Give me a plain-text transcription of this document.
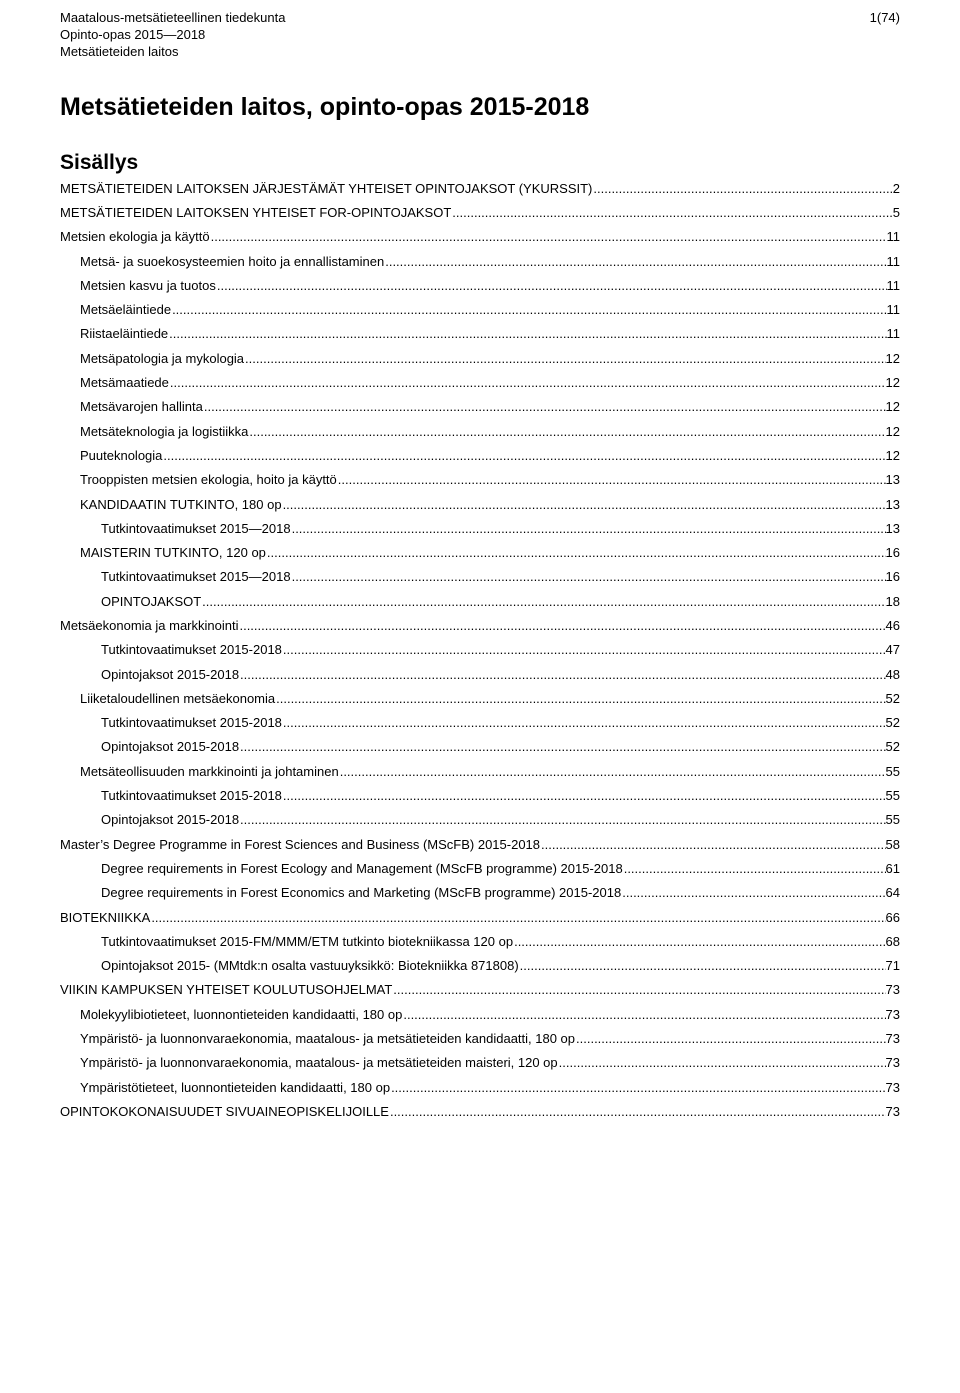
Maatalous-metsätieteellinen tiedekunta
Opinto-opas 2015—2018
Metsätieteiden laitos
1(74)
Metsätieteiden laitos, opinto-opas 2015-2018
Sisällys
METSÄTIETEIDEN LAITOKSEN JÄRJESTÄMÄT YHTEISET OPINTOJAKSOT (YKURSSIT) .....	2
METSÄTIETEIDEN LAITOKSEN YHTEISET FOR-OPINTOJAKSOT .....	5
Metsien ekologia ja käyttö .....	11
Metsä- ja suoekosysteemien hoito ja ennallistaminen .....	11
Metsien kasvu ja tuotos .....	11
Metsäeläintiede .....	11
Riistaeläintiede .....	11
Metsäpatologia ja mykologia .....	12
Metsämaatiede .....	12
Metsävarojen hallinta .....	12
Metsäteknologia ja logistiikka .....	12
Puuteknologia .....	12
Trooppisten metsien ekologia, hoito ja käyttö .....	13
KANDIDAATIN TUTKINTO, 180 op .....	13
Tutkintovaatimukset 2015—2018 .....	13
MAISTERIN TUTKINTO, 120 op .....	16
Tutkintovaatimukset 2015—2018 .....	16
OPINTOJAKSOT .....	18
Metsäekonomia ja markkinointi .....	46
Tutkintovaatimukset 2015-2018 .....	47
Opintojaksot 2015-2018 .....	48
Liiketaloudellinen metsäekonomia .....	52
Tutkintovaatimukset 2015-2018 .....	52
Opintojaksot 2015-2018 .....	52
Metsäteollisuuden markkinointi ja johtaminen .....	55
Tutkintovaatimukset 2015-2018 .....	55
Opintojaksot 2015-2018 .....	55
Master’s Degree Programme in Forest Sciences and Business (MScFB) 2015-2018 .....	58
Degree requirements in Forest Ecology and Management (MScFB programme) 2015-2018 .....	61
Degree requirements in Forest Economics and Marketing (MScFB programme) 2015-2018 .....	64
BIOTEKNIIKKA .....	66
Tutkintovaatimukset 2015-FM/MMM/ETM tutkinto biotekniikassa 120 op .....	68
Opintojaksot 2015- (MMtdk:n osalta vastuuyksikkö: Biotekniikka 871808) .....	71
VIIKIN KAMPUKSEN YHTEISET KOULUTUSOHJELMAT .....	73
Molekyylibiotieteet, luonnontieteiden kandidaatti, 180 op .....	73
Ympäristö- ja luonnonvaraekonomia, maatalous- ja metsätieteiden kandidaatti, 180 op .....	73
Ympäristö- ja luonnonvaraekonomia, maatalous- ja metsätieteiden maisteri, 120 op .....	73
Ympäristötieteet, luonnontieteiden kandidaatti, 180 op .....	73
OPINTOKOKONAISUUDET SIVUAINEOPISKELIJOILLE .....	73
